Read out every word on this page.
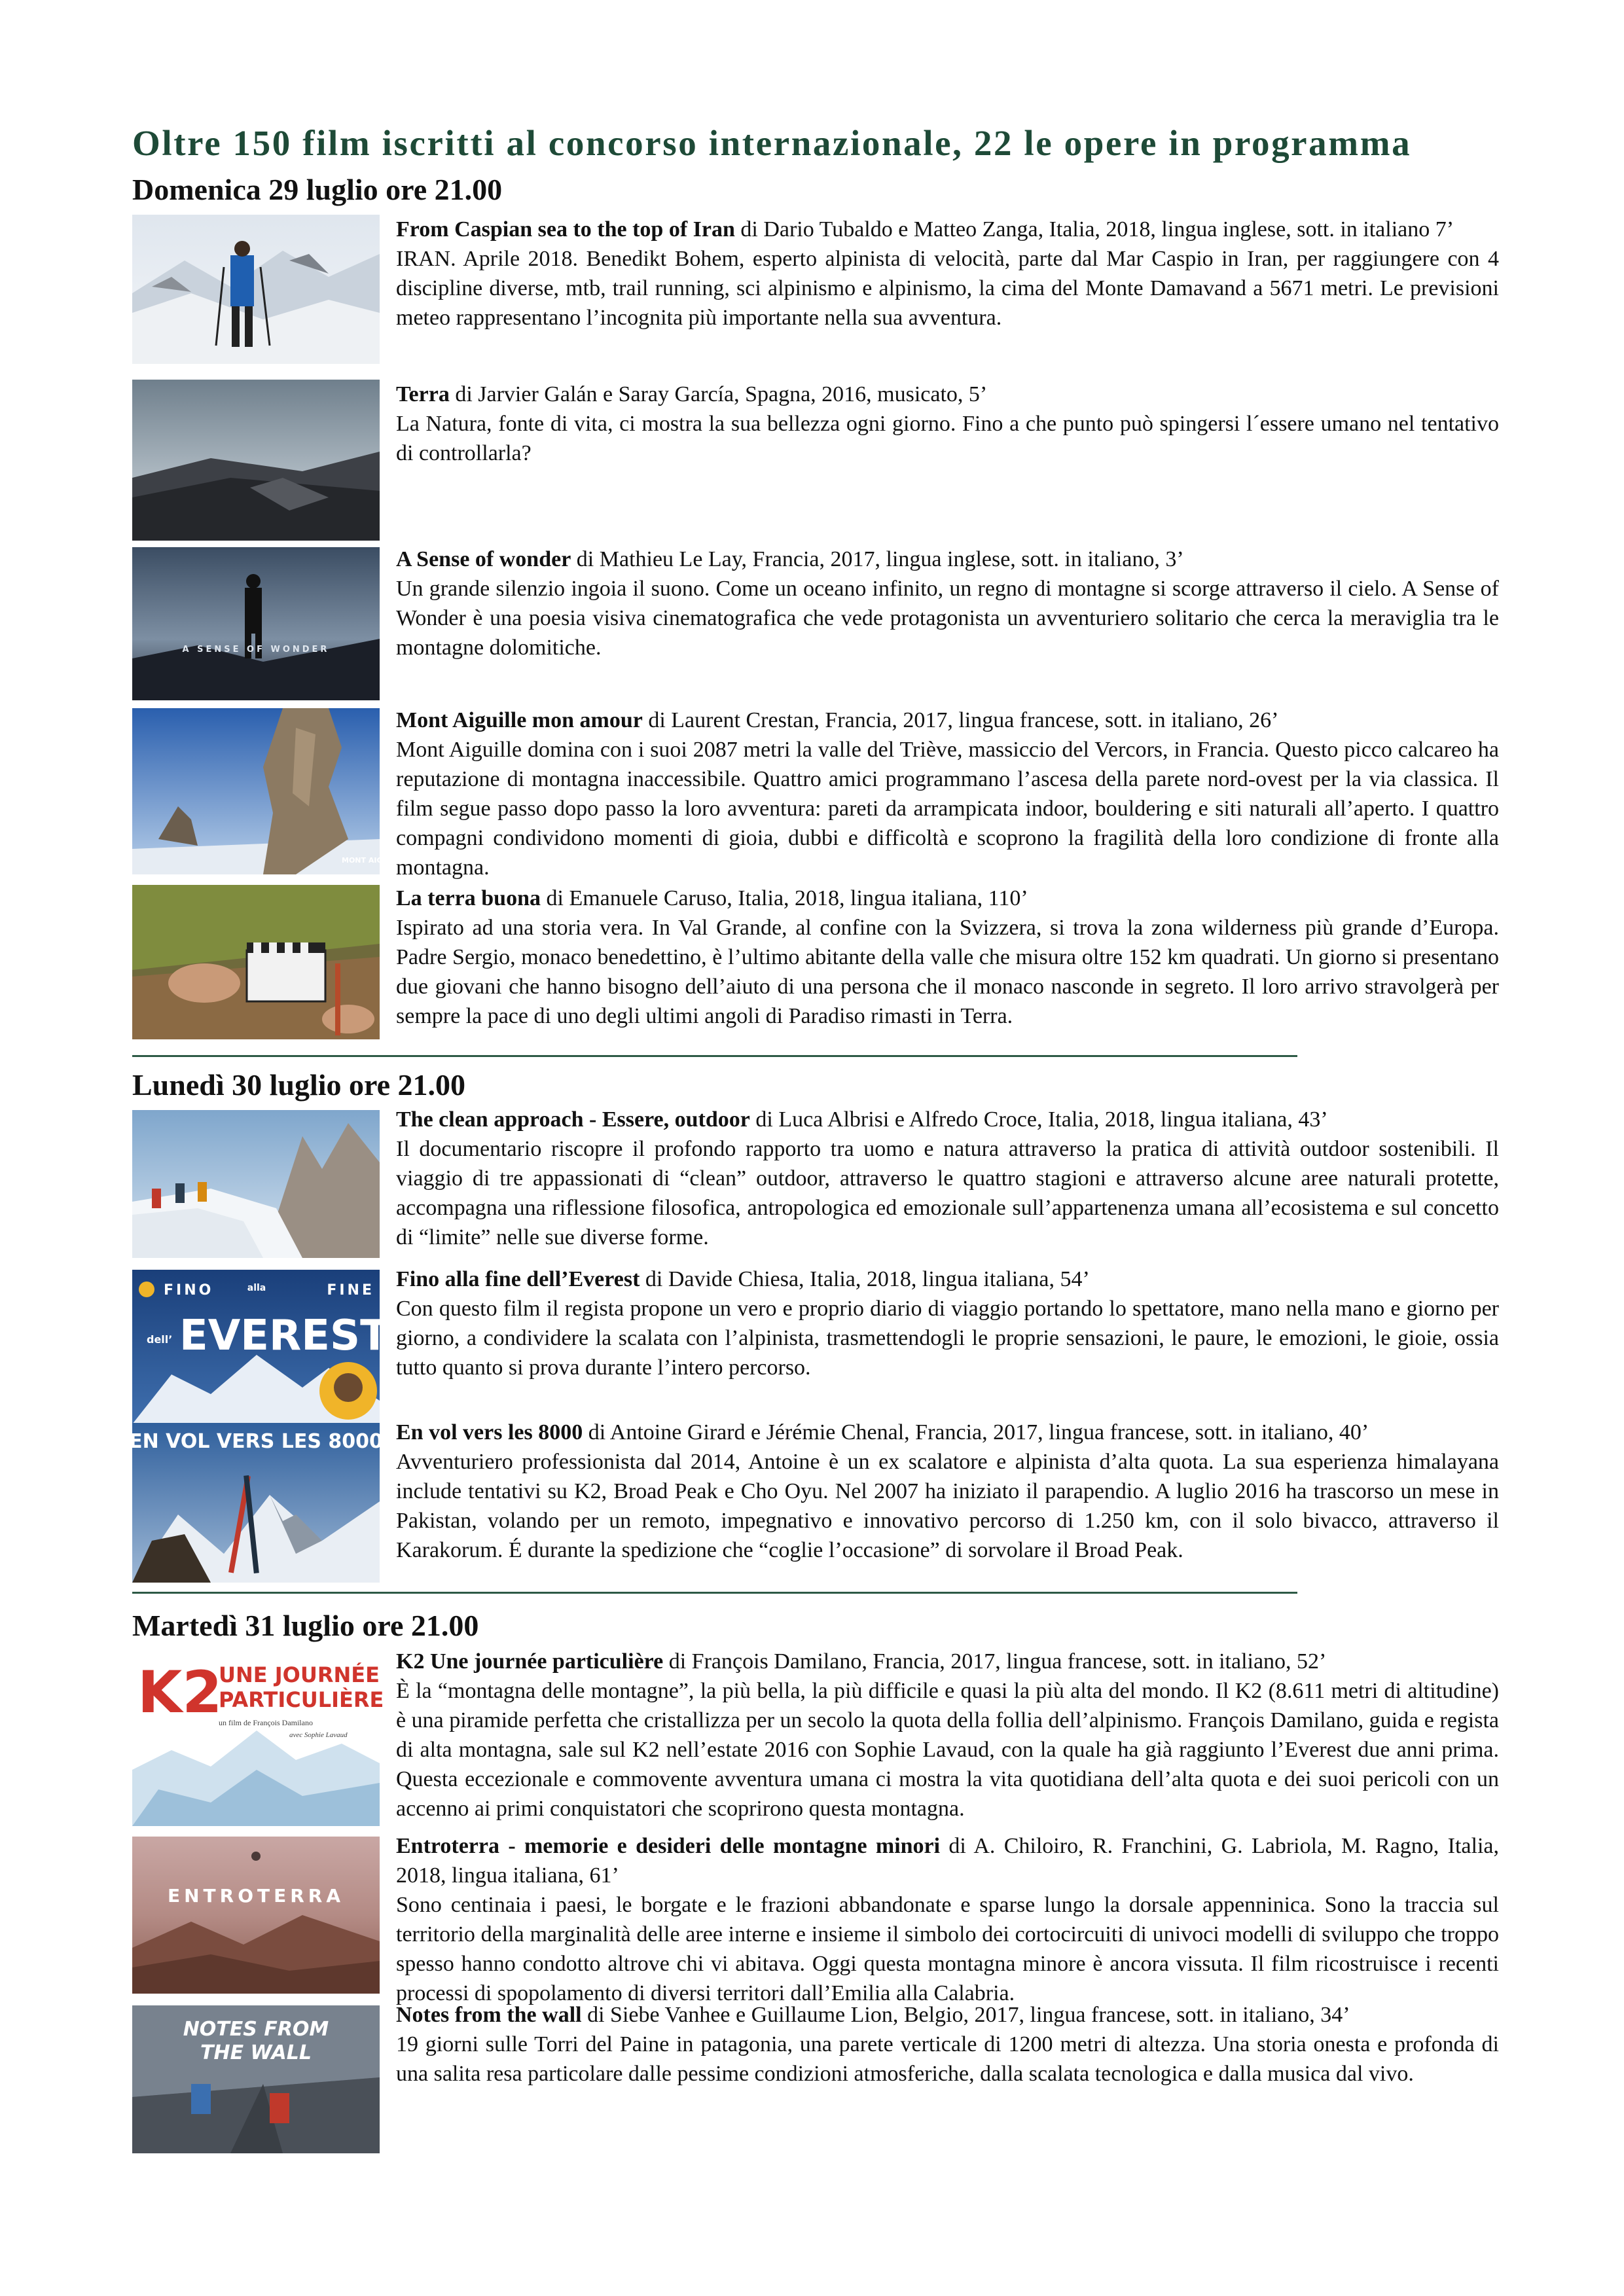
Oltre 150 film iscritti al concorso internazionale, 22 le opere in programma
Domenica 29 luglio ore 21.00

From Caspian sea to the top of Iran di Dario Tubaldo e Matteo Zanga, Italia, 2018, lingua inglese, sott. in italiano 7’

IRAN. Aprile 2018. Benedikt Bohem, esperto alpinista di velocità, parte dal Mar Caspio in Iran, per raggiungere con 4 discipline diverse, mtb, trail running, sci alpinismo e alpinismo, la cima del Monte Damavand a 5671 metri. Le previsioni meteo rappresentano l’incognita più importante nella sua avventura.

Terra di Jarvier Galán e Saray García, Spagna, 2016, musicato, 5’

La Natura, fonte di vita, ci mostra la sua bellezza ogni giorno. Fino a che punto può spingersi l´essere umano nel tentativo di controllarla?

A SENSE OF WONDER

A Sense of wonder di Mathieu Le Lay, Francia, 2017, lingua inglese, sott. in italiano, 3’

Un grande silenzio ingoia il suono. Come un oceano infinito, un regno di montagne si scorge attraverso il cielo. A Sense of Wonder è una poesia visiva cinematografica che vede protagonista un avventuriero solitario che cerca la meraviglia tra le montagne dolomitiche.

MONT AIGUILLE

Mont Aiguille mon amour di Laurent Crestan, Francia, 2017, lingua francese, sott. in italiano, 26’

Mont Aiguille domina con i suoi 2087 metri la valle del Triève, massiccio del Vercors, in Francia. Questo picco calcareo ha reputazione di montagna inaccessibile. Quattro amici programmano l’ascesa della parete nord-ovest per la via classica. Il film segue passo dopo passo la loro avventura: pareti da arrampicata indoor, bouldering e siti naturali all’aperto. I quattro compagni condividono momenti di gioia, dubbi e difficoltà e scoprono la fragilità della loro condizione di fronte alla montagna.

La terra buona di Emanuele Caruso, Italia, 2018, lingua italiana, 110’

Ispirato ad una storia vera. In Val Grande, al confine con la Svizzera, si trova la zona wilderness più grande d’Europa. Padre Sergio, monaco benedettino, è l’ultimo abitante della valle che misura oltre 152 km quadrati. Un giorno si presentano due giovani che hanno bisogno dell’aiuto di una persona che il monaco nasconde in segreto. Il loro arrivo stravolgerà per sempre la pace di uno degli ultimi angoli di Paradiso rimasti in Terra.

Lunedì 30 luglio ore 21.00

The clean approach - Essere, outdoor di Luca Albrisi e Alfredo Croce, Italia, 2018, lingua italiana, 43’

Il documentario riscopre il profondo rapporto tra uomo e natura attraverso la pratica di attività outdoor sostenibili. Il viaggio di tre appassionati di “clean” outdoor, attraverso le quattro stagioni e attraverso alcune aree naturali protette, accompagna una riflessione filosofica, antropologica ed emozionale sull’appartenenza umana all’ecosistema e sul concetto di “limite” nelle sue diverse forme.

FINO	alla	FINE
dell’ EVEREST

Fino alla fine dell’Everest di Davide Chiesa, Italia, 2018, lingua italiana, 54’

Con questo film il regista propone un vero e proprio diario di viaggio portando lo spettatore, mano nella mano e giorno per giorno, a condividere la scalata con l’alpinista, trasmettendogli le proprie sensazioni, le paure, le emozioni, le gioie, ossia tutto quanto si prova durante l’intero percorso.

EN VOL VERS LES 8000 En vol vers les 8000 di Antoine Girard e Jérémie Chenal, Francia, 2017, lingua francese, sott. in italiano, 40’

Avventuriero professionista dal 2014, Antoine è un ex scalatore e alpinista d’alta quota. La sua esperienza himalayana include tentativi su K2, Broad Peak e Cho Oyu. Nel 2007 ha iniziato il parapendio. A luglio 2016 ha trascorso un mese in Pakistan, volando per un remoto, impegnativo e innovativo percorso di 1.250 km, con il solo bivacco, attraverso il Karakorum. É durante la spedizione che “coglie l’occasione” di sorvolare il Broad Peak.

Martedì 31 luglio ore 21.00
K2
UNE JOURNÉE
PARTICULIÈRE
un film de François Damilano
avec Sophie Lavaud

K2 Une journée particulière di François Damilano, Francia, 2017, lingua francese, sott. in italiano, 52’

È la “montagna delle montagne”, la più bella, la più difficile e quasi la più alta del mondo. Il K2 (8.611 metri di altitudine) è una piramide perfetta che cristallizza per un secolo la quota della follia dell’alpinismo. François Damilano, guida e regista di alta montagna, sale sul K2 nell’estate 2016 con Sophie Lavaud, con la quale ha già raggiunto l’Everest due anni prima. Questa eccezionale e commovente avventura umana ci mostra la vita quotidiana dell’alta quota e dei suoi pericoli con un accenno ai primi conquistatori che scoprirono questa montagna.

ENTROTERRA

Entroterra - memorie e desideri delle montagne minori di A. Chiloiro, R. Franchini, G. Labriola, M. Ragno, Italia, 2018, lingua italiana, 61’

Sono centinaia i paesi, le borgate e le frazioni abbandonate e sparse lungo la dorsale appenninica. Sono la traccia sul territorio della marginalità delle aree interne e insieme il simbolo dei cortocircuiti di univoci modelli di sviluppo che troppo spesso hanno condotto altrove chi vi abitava. Oggi questa montagna minore è ancora vissuta. Il film ricostruisce i recenti processi di spopolamento di diversi territori dall’Emilia alla Calabria.

NOTES FROM
THE WALL

Notes from the wall di Siebe Vanhee e Guillaume Lion, Belgio, 2017, lingua francese, sott. in italiano, 34’

19 giorni sulle Torri del Paine in patagonia, una parete verticale di 1200 metri di altezza. Una storia onesta e profonda di una salita resa particolare dalle pessime condizioni atmosferiche, dalla scalata tecnologica e dalla musica dal vivo.
